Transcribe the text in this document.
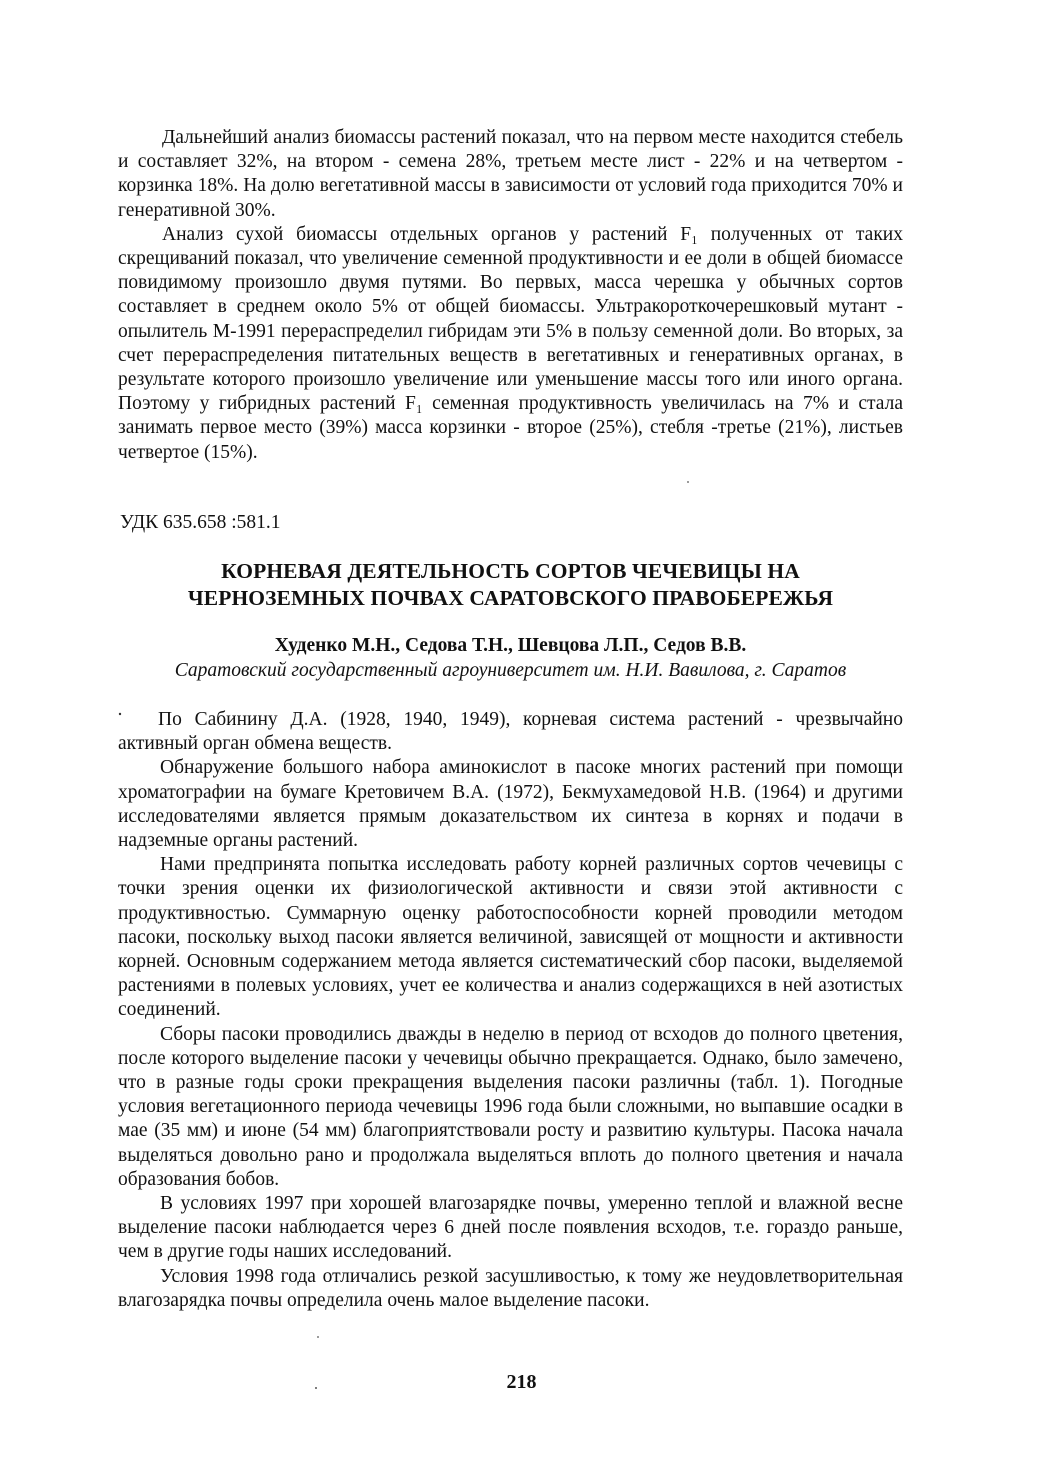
Дальнейший анализ биомассы растений показал, что на первом месте находится стебель и составляет 32%, на втором - семена 28%, третьем месте лист - 22% и на четвертом - корзинка 18%. На долю вегетативной массы в зависимости от условий года приходится 70% и генеративной 30%.

Анализ сухой биомассы отдельных органов у растений F₁ полученных от таких скрещиваний показал, что увеличение семенной продуктивности и ее доли в общей биомассе повидимому произошло двумя путями. Во первых, масса черешка у обычных сортов составляет в среднем около 5% от общей биомассы. Ультракороткочерешковый мутант - опылитель М-1991 перераспределил гибридам эти 5% в пользу семенной доли. Во вторых, за счет перераспределения питательных веществ в вегетативных и генеративных органах, в результате которого произошло увеличение или уменьшение массы того или иного органа. Поэтому у гибридных растений F₁ семенная продуктивность увеличилась на 7% и стала занимать первое место (39%) масса корзинки - второе (25%), стебля -третье (21%), листьев четвертое (15%).

УДК 635.658 :581.1
КОРНЕВАЯ ДЕЯТЕЛЬНОСТЬ СОРТОВ ЧЕЧЕВИЦЫ НА
ЧЕРНОЗЕМНЫХ ПОЧВАХ САРАТОВСКОГО ПРАВОБЕРЕЖЬЯ
Худенко М.Н., Седова Т.Н., Шевцова Л.П., Седов В.В.
Саратовский государственный агроуниверситет им. Н.И. Вавилова, г. Саратов

По Сабинину Д.А. (1928, 1940, 1949), корневая система растений - чрезвычайно активный орган обмена веществ.

Обнаружение большого набора аминокислот в пасоке многих растений при помощи хроматографии на бумаге Кретовичем В.А. (1972), Бекмухамедовой Н.В. (1964) и другими исследователями является прямым доказательством их синтеза в корнях и подачи в надземные органы растений.

Нами предпринята попытка исследовать работу корней различных сортов чечевицы с точки зрения оценки их физиологической активности и связи этой активности с продуктивностью. Суммарную оценку работоспособности корней проводили методом пасоки, поскольку выход пасоки является величиной, зависящей от мощности и активности корней. Основным содержанием метода является систематический сбор пасоки, выделяемой растениями в полевых условиях, учет ее количества и анализ содержащихся в ней азотистых соединений.

Сборы пасоки проводились дважды в неделю в период от всходов до полного цветения, после которого выделение пасоки у чечевицы обычно прекращается. Однако, было замечено, что в разные годы сроки прекращения выделения пасоки различны (табл. 1). Погодные условия вегетационного периода чечевицы 1996 года были сложными, но выпавшие осадки в мае (35 мм) и июне (54 мм) благоприятствовали росту и развитию культуры. Пасока начала выделяться довольно рано и продолжала выделяться вплоть до полного цветения и начала образования бобов.

В условиях 1997 при хорошей влагозарядке почвы, умеренно теплой и влажной весне выделение пасоки наблюдается через 6 дней после появления всходов, т.е. гораздо раньше, чем в другие годы наших исследований.

Условия 1998 года отличались резкой засушливостью, к тому же неудовлетворительная влагозарядка почвы определила очень малое выделение пасоки.

218
